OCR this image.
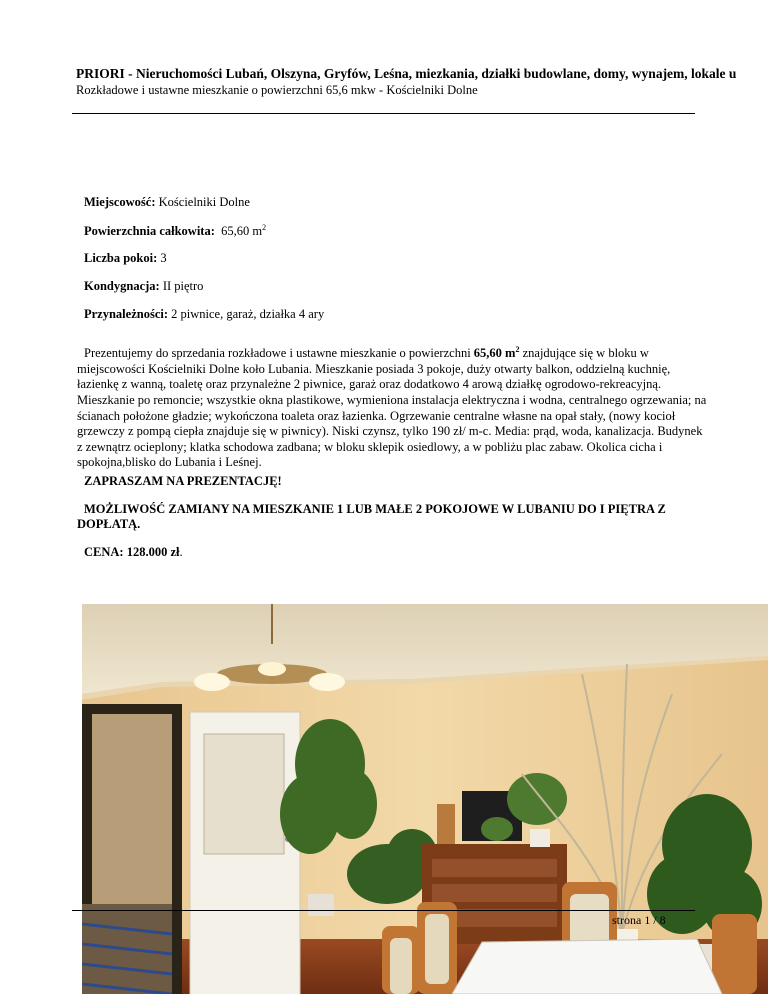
PRIORI - Nieruchomości Lubań, Olszyna, Gryfów, Leśna, miezkania, działki budowlane, domy, wynajem, lokale u
Rozkładowe i ustawne mieszkanie o powierzchni 65,6 mkw - Kościelniki Dolne
Miejscowość: Kościelniki Dolne
Powierzchnia całkowita: 65,60 $m^2$
Liczba pokoi: 3
Kondygnacja: II piętro
Przynależności: 2 piwnice, garaż, działka 4 ary
Prezentujemy do sprzedania rozkładowe i ustawne mieszkanie o powierzchni 65,60 $m^2$ znajdujące się w bloku w miejscowości Kościelniki Dolne koło Lubania. Mieszkanie posiada 3 pokoje, duży otwarty balkon, oddzielną kuchnię, łazienkę z wanną, toaletę oraz przynależne 2 piwnice, garaż oraz dodatkowo 4 arową działkę ogrodowo-rekreacyjną. Mieszkanie po remoncie; wszystkie okna plastikowe, wymieniona instalacja elektryczna i wodna, centralnego ogrzewania; na ścianach położone gładzie; wykończona toaleta oraz łazienka. Ogrzewanie centralne własne na opał stały, (nowy kocioł grzewczy z pompą ciepła znajduje się w piwnicy). Niski czynsz, tylko 190 zł/ m-c. Media: prąd, woda, kanalizacja. Budynek z zewnątrz ocieplony; klatka schodowa zadbana; w bloku sklepik osiedlowy, a w pobliżu plac zabaw. Okolica cicha i spokojna,blisko do Lubania i Leśnej.
ZAPRASZAM NA PREZENTACJĘ!
MOŻLIWOŚĆ ZAMIANY NA MIESZKANIE 1 LUB MAŁE 2 POKOJOWE W LUBANIU DO I PIĘTRA Z DOPŁATĄ.
CENA: 128.000 zł.
strona 1 / 8
